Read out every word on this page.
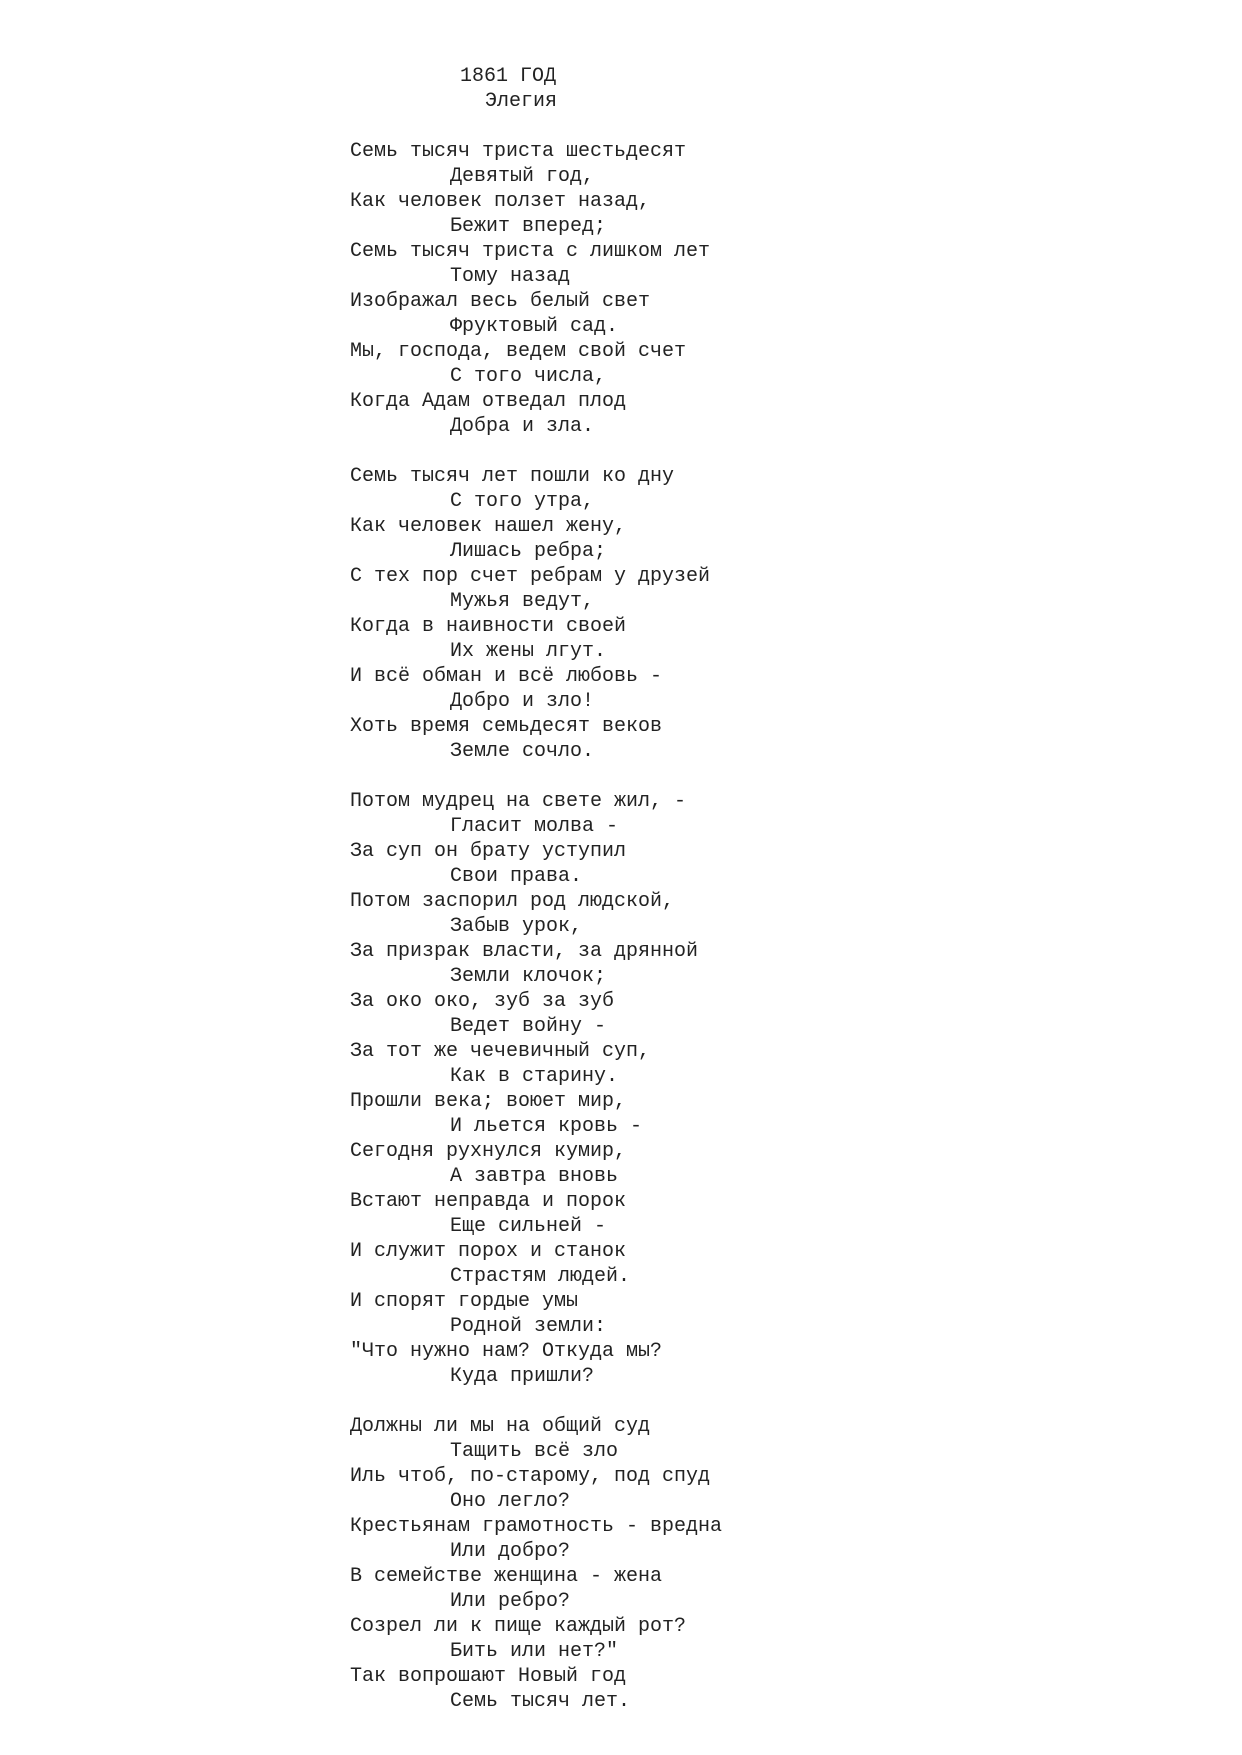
1861 ГОД
Элегия
Семь тысяч триста шестьдесят
Девятый год,
Как человек ползет назад,
Бежит вперед;
Семь тысяч триста с лишком лет
Тому назад
Изображал весь белый свет
Фруктовый сад.
Мы, господа, ведем свой счет
С того числа,
Когда Адам отведал плод
Добра и зла.
Семь тысяч лет пошли ко дну
С того утра,
Как человек нашел жену,
Лишась ребра;
С тех пор счет ребрам у друзей
Мужья ведут,
Когда в наивности своей
Их жены лгут.
И всё обман и всё любовь -
Добро и зло!
Хоть время семьдесят веков
Земле сочло.
Потом мудрец на свете жил, -
Гласит молва -
За суп он брату уступил
Свои права.
Потом заспорил род людской,
Забыв урок,
За призрак власти, за дрянной
Земли клочок;
За око око, зуб за зуб
Ведет войну -
За тот же чечевичный суп,
Как в старину.
Прошли века; воюет мир,
И льется кровь -
Сегодня рухнулся кумир,
А завтра вновь
Встают неправда и порок
Еще сильней -
И служит порох и станок
Страстям людей.
И спорят гордые умы
Родной земли:
"Что нужно нам? Откуда мы?
Куда пришли?
Должны ли мы на общий суд
Тащить всё зло
Иль чтоб, по-старому, под спуд
Оно легло?
Крестьянам грамотность - вредна
Или добро?
В семействе женщина - жена
Или ребро?
Созрел ли к пище каждый рот?
Бить или нет?"
Так вопрошают Новый год
Семь тысяч лет.
